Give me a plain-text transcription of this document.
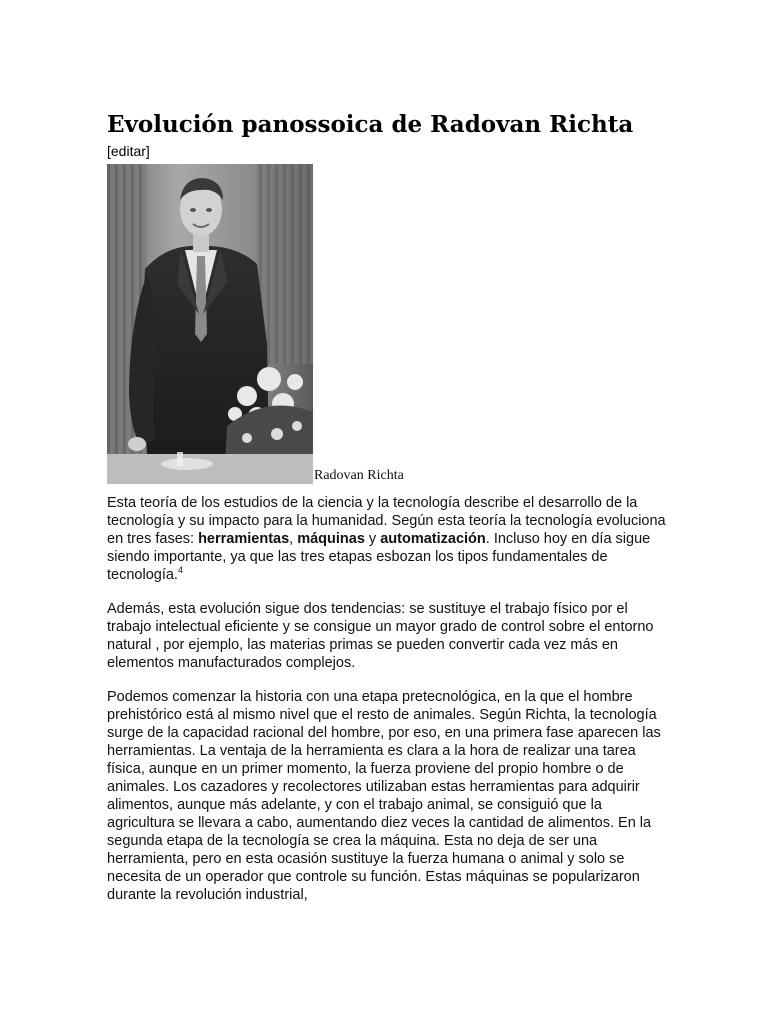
Evolución panossoica de Radovan Richta
[editar]
Radovan Richta

Esta teoría de los estudios de la ciencia y la tecnología describe el desarrollo de la tecnología y su impacto para la humanidad. Según esta teoría la tecnología evoluciona en tres fases: herramientas, máquinas y automatización. Incluso hoy en día sigue siendo importante, ya que las tres etapas esbozan los tipos fundamentales de tecnología.$^4$

Además, esta evolución sigue dos tendencias: se sustituye el trabajo físico por el trabajo intelectual eficiente y se consigue un mayor grado de control sobre el entorno natural , por ejemplo, las materias primas se pueden convertir cada vez más en elementos manufacturados complejos.

Podemos comenzar la historia con una etapa pretecnológica, en la que el hombre prehistórico está al mismo nivel que el resto de animales. Según Richta, la tecnología surge de la capacidad racional del hombre, por eso, en una primera fase aparecen las herramientas. La ventaja de la herramienta es clara a la hora de realizar una tarea física, aunque en un primer momento, la fuerza proviene del propio hombre o de animales. Los cazadores y recolectores utilizaban estas herramientas para adquirir alimentos, aunque más adelante, y con el trabajo animal, se consiguió que la agricultura se llevara a cabo, aumentando diez veces la cantidad de alimentos. En la segunda etapa de la tecnología se crea la máquina. Esta no deja de ser una herramienta, pero en esta ocasión sustituye la fuerza humana o animal y solo se necesita de un operador que controle su función. Estas máquinas se popularizaron durante la revolución industrial,
